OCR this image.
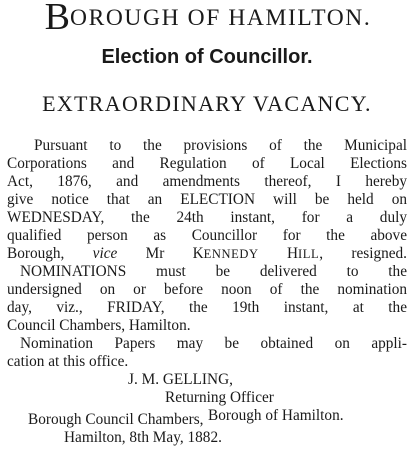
BOROUGH OF HAMILTON.
Election of Councillor.
EXTRAORDINARY VACANCY.
Pursuant to the provisions of the Municipal
Corporations and Regulation of Local Elections
Act, 1876, and amendments thereof, I hereby
give notice that an ELECTION will be held on
WEDNESDAY, the 24th instant, for a duly
qualified person as Councillor for the above
Borough, vice Mr KENNEDY HILL, resigned.
NOMINATIONS must be delivered to the
undersigned on or before noon of the nomination
day, viz., FRIDAY, the 19th instant, at the
Council Chambers, Hamilton.
Nomination Papers may be obtained on appli-
cation at this office.
J. M. GELLING,
Returning Officer
Borough of Hamilton.
Borough Council Chambers,
Hamilton, 8th May, 1882.
